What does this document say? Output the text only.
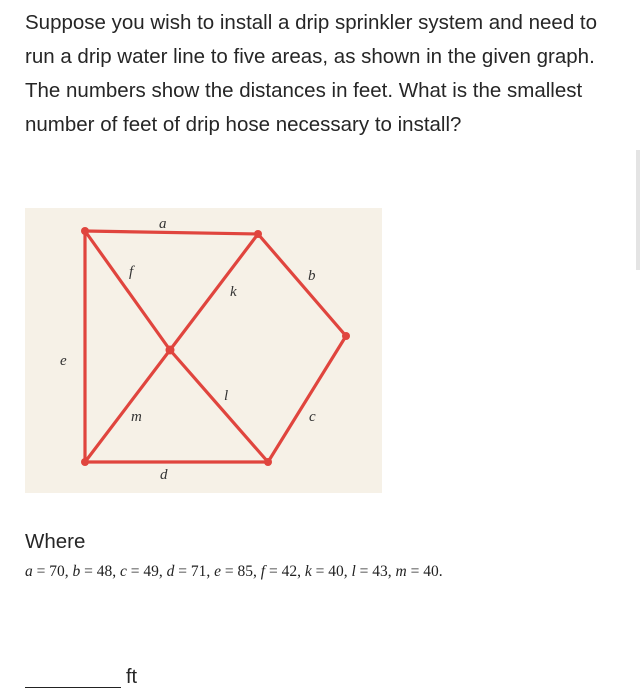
Suppose you wish to install a drip sprinkler system and need to run a drip water line to five areas, as shown in the given graph. The numbers show the distances in feet. What is the smallest number of feet of drip hose necessary to install?

a
f	b
k
e
l
m	c
d
Where
a = 70, b = 48, c = 49, d = 71, e = 85, f = 42, k = 40, l = 43, m = 40.
ft
